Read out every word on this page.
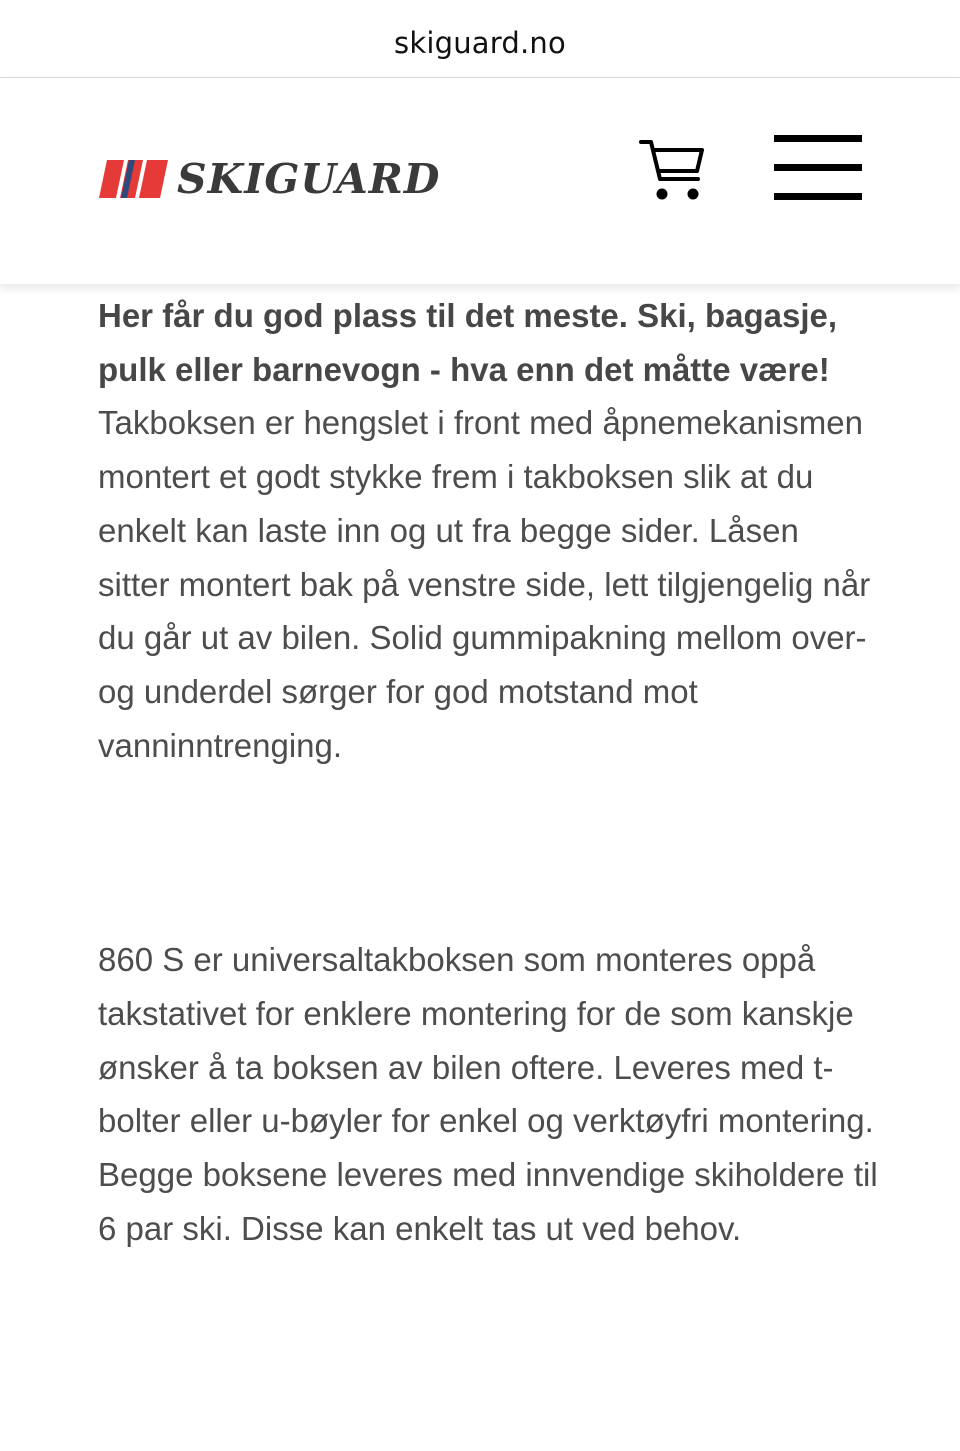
skiguard.no
SKIGUARD

Her får du god plass til det meste. Ski, bagasje, pulk eller barnevogn - hva enn det måtte være!

Takboksen er hengslet i front med åpnemekanismen montert et godt stykke frem i takboksen slik at du enkelt kan laste inn og ut fra begge sider. Låsen sitter montert bak på venstre side, lett tilgjengelig når du går ut av bilen. Solid gummipakning mellom over- og underdel sørger for god motstand mot vanninntrenging.

860 S er universaltakboksen som monteres oppå takstativet for enklere montering for de som kanskje ønsker å ta boksen av bilen oftere. Leveres med t-bolter eller u-bøyler for enkel og verktøyfri montering.

Begge boksene leveres med innvendige skiholdere til 6 par ski. Disse kan enkelt tas ut ved behov.
